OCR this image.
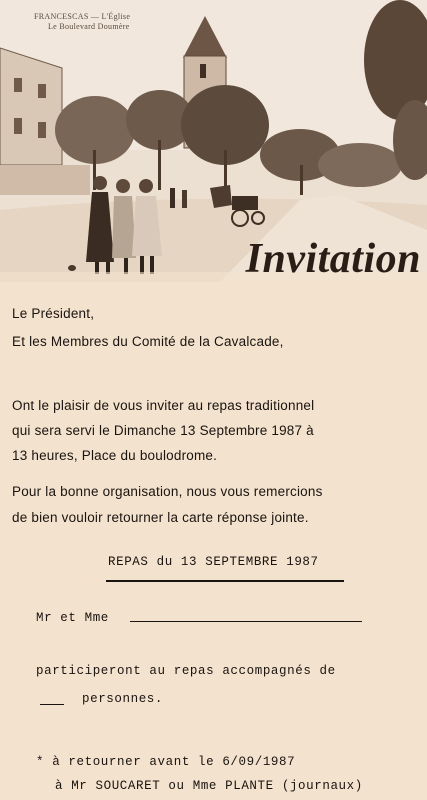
FRANCESCAS — L'Église
Le Boulevard Doumère
Invitation
Le Président,
Et les Membres du Comité de la Cavalcade,
Ont le plaisir de vous inviter au repas traditionnel
qui sera servi le Dimanche 13 Septembre 1987 à
13 heures, Place du boulodrome.
Pour la bonne organisation, nous vous remercions
de bien vouloir retourner la carte réponse jointe.
REPAS du 13 SEPTEMBRE 1987
Mr et Mme
participeront au repas accompagnés de
personnes.
* à retourner avant le 6/09/1987
à Mr SOUCARET ou Mme PLANTE (journaux)
